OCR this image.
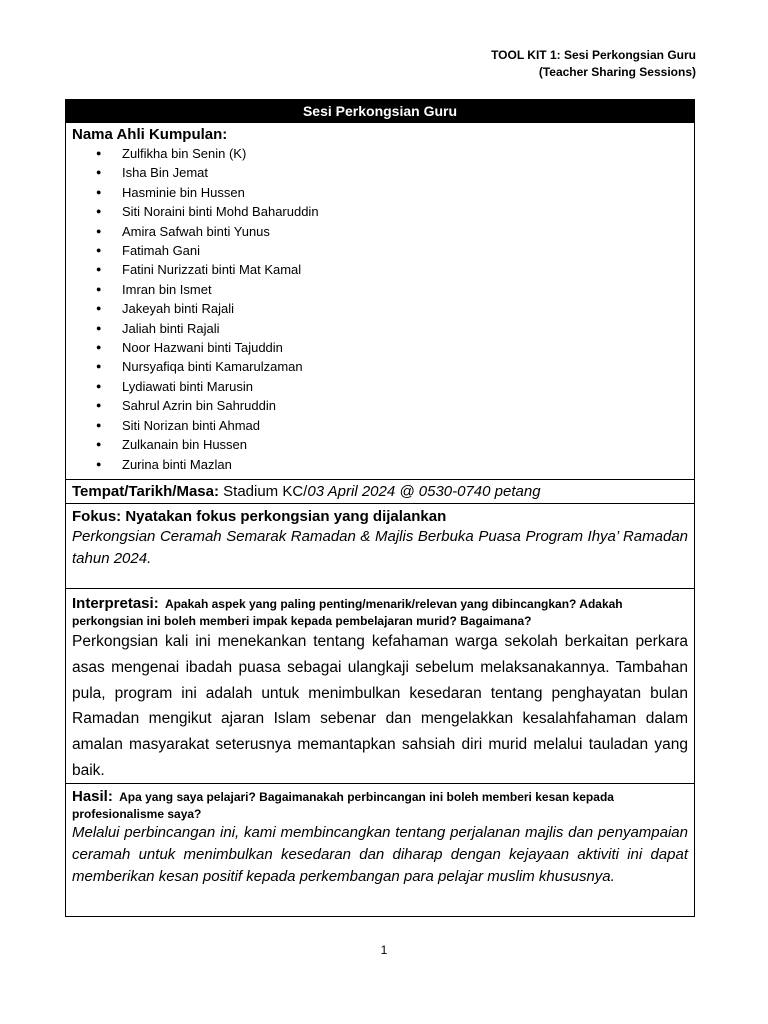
TOOL KIT 1: Sesi Perkongsian Guru
(Teacher Sharing Sessions)
Sesi Perkongsian Guru
Nama Ahli Kumpulan:
● Zulfikha bin Senin (K)
● Isha Bin Jemat
● Hasminie bin Hussen
● Siti Noraini binti Mohd Baharuddin
● Amira Safwah binti Yunus
● Fatimah Gani
● Fatini Nurizzati binti Mat Kamal
● Imran bin Ismet
● Jakeyah binti Rajali
● Jaliah binti Rajali
● Noor Hazwani binti Tajuddin
● Nursyafiqa binti Kamarulzaman
● Lydiawati binti Marusin
● Sahrul Azrin bin Sahruddin
● Siti Norizan binti Ahmad
● Zulkanain bin Hussen
● Zurina binti Mazlan
Tempat/Tarikh/Masa: Stadium KC/03 April 2024 @ 0530-0740 petang
Fokus: Nyatakan fokus perkongsian yang dijalankan
Perkongsian Ceramah Semarak Ramadan & Majlis Berbuka Puasa Program Ihya’ Ramadan tahun 2024.
Interpretasi: Apakah aspek yang paling penting/menarik/relevan yang dibincangkan? Adakah perkongsian ini boleh memberi impak kepada pembelajaran murid? Bagaimana?
Perkongsian kali ini menekankan tentang kefahaman warga sekolah berkaitan perkara asas mengenai ibadah puasa sebagai ulangkaji sebelum melaksanakannya. Tambahan pula, program ini adalah untuk menimbulkan kesedaran tentang penghayatan bulan Ramadan mengikut ajaran Islam sebenar dan mengelakkan kesalahfahaman dalam amalan masyarakat seterusnya memantapkan sahsiah diri murid melalui tauladan yang baik.
Hasil: Apa yang saya pelajari? Bagaimanakah perbincangan ini boleh memberi kesan kepada profesionalisme saya?
Melalui perbincangan ini, kami membincangkan tentang perjalanan majlis dan penyampaian ceramah untuk menimbulkan kesedaran dan diharap dengan kejayaan aktiviti ini dapat memberikan kesan positif kepada perkembangan para pelajar muslim khususnya.
1
